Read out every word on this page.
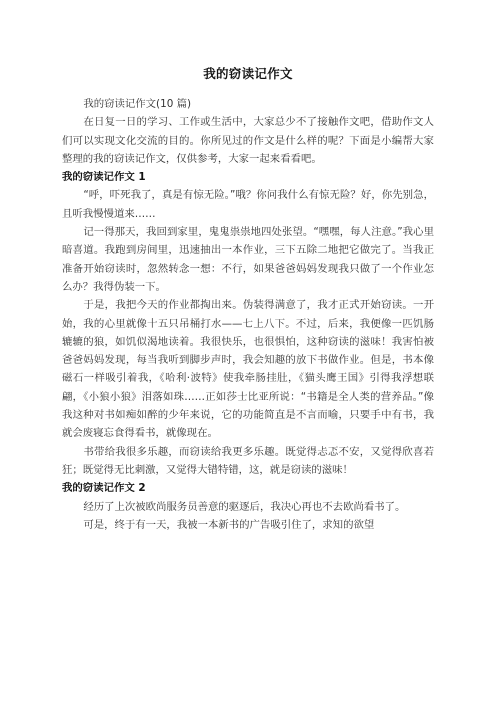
我的窃读记作文

我的窃读记作文(10 篇)

在日复一日的学习、工作或生活中，大家总少不了接触作文吧，借助作文人们可以实现文化交流的目的。你所见过的作文是什么样的呢？下面是小编帮大家整理的我的窃读记作文，仅供参考，大家一起来看看吧。

我的窃读记作文 1

“呼，吓死我了，真是有惊无险。”哦？你问我什么有惊无险？好，你先别急，且听我慢慢道来……

记一得那天，我回到家里，鬼鬼祟祟地四处张望。“嘿嘿，每人注意。”我心里暗喜道。我跑到房间里，迅速抽出一本作业，三下五除二地把它做完了。当我正准备开始窃读时，忽然转念一想：不行，如果爸爸妈妈发现我只做了一个作业怎么办？我得伪装一下。

于是，我把今天的作业都掏出来。伪装得满意了，我才正式开始窃读。一开始，我的心里就像十五只吊桶打水——七上八下。不过，后来，我便像一匹饥肠辘辘的狼，如饥似渴地读着。我很快乐，也很惧怕，这种窃读的滋味！我害怕被爸爸妈妈发现，每当我听到脚步声时，我会知趣的放下书做作业。但是，书本像磁石一样吸引着我，《哈利·波特》使我牵肠挂肚，《猫头鹰王国》引得我浮想联翩，《小狼小狼》泪落如珠……正如莎士比亚所说：“书籍是全人类的营养品。”像我这种对书如痴如醉的少年来说，它的功能简直是不言而喻，只要手中有书，我就会废寝忘食得看书，就像现在。

书带给我很多乐趣，而窃读给我更多乐趣。既觉得忐忑不安，又觉得欣喜若狂；既觉得无比刺激，又觉得大错特错，这，就是窃读的滋味！

我的窃读记作文 2

经历了上次被欧尚服务员善意的驱逐后，我决心再也不去欧尚看书了。

可是，终于有一天，我被一本新书的广告吸引住了，求知的欲望
